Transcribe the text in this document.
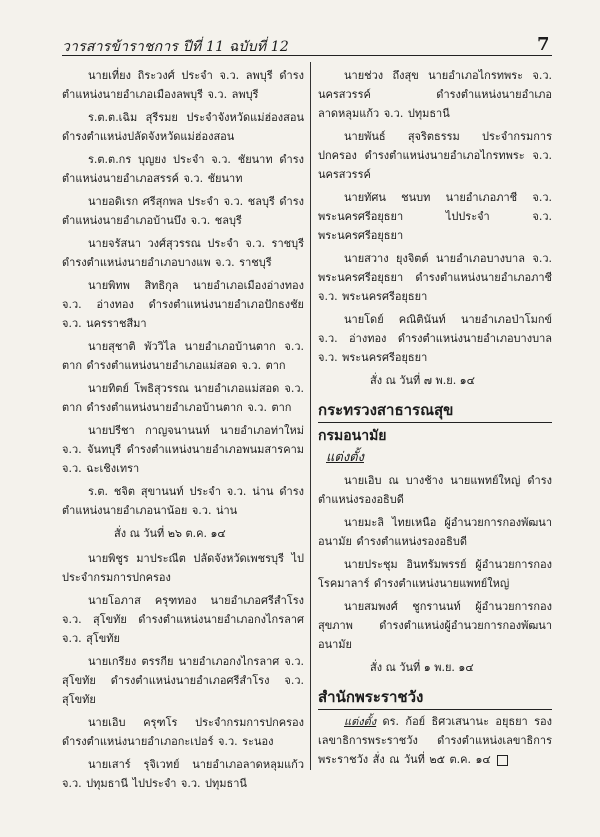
วารสารข้าราชการ ปีที่ 11 ฉบับที่ 12	7

นายเที่ยง ถิระวงศ์ ประจำ จ.ว. ลพบุรี ดำรงตำแหน่งนายอำเภอเมืองลพบุรี จ.ว. ลพบุรี

ร.ต.ต.เฉิม สุรีรมย ประจำจังหวัดแม่ฮ่องสอน ดำรงตำแหน่งปลัดจังหวัดแม่ฮ่องสอน

ร.ต.ต.กร บุญยง ประจำ จ.ว. ชัยนาท ดำรงตำแหน่งนายอำเภอสรรค์ จ.ว. ชัยนาท

นายอดิเรก ศรีสุกพล ประจำ จ.ว. ชลบุรี ดำรงตำแหน่งนายอำเภอบ้านบึง จ.ว. ชลบุรี

นายจรัสนา วงศ์สุวรรณ ประจำ จ.ว. ราชบุรี ดำรงตำแหน่งนายอำเภอบางแพ จ.ว. ราชบุรี

นายพิทพ สิทธิกุล นายอำเภอเมืองอ่างทอง จ.ว. อ่างทอง ดำรงตำแหน่งนายอำเภอปักธงชัย จ.ว. นครราชสีมา

นายสุชาติ พัววิไล นายอำเภอบ้านตาก จ.ว. ตาก ดำรงตำแหน่งนายอำเภอแม่สอด จ.ว. ตาก

นายทิตย์ โพธิสุวรรณ นายอำเภอแม่สอด จ.ว. ตาก ดำรงตำแหน่งนายอำเภอบ้านตาก จ.ว. ตาก

นายปรีชา กาญจนานนท์ นายอำเภอท่าใหม่ จ.ว. จันทบุรี ดำรงตำแหน่งนายอำเภอพนมสารคาม จ.ว. ฉะเชิงเทรา

ร.ต. ชจิต สุขานนท์ ประจำ จ.ว. น่าน ดำรงตำแหน่งนายอำเภอนาน้อย จ.ว. น่าน

สั่ง ณ วันที่ ๒๖ ต.ค. ๑๔

นายพิชูร มาประณีต ปลัดจังหวัดเพชรบุรี ไปประจำกรมการปกครอง

นายโอภาส ครุฑทอง นายอำเภอศรีสำโรง จ.ว. สุโขทัย ดำรงตำแหน่งนายอำเภอกงไกรลาศ จ.ว. สุโขทัย

นายเกรียง ตรรกีย นายอำเภอกงไกรลาศ จ.ว. สุโขทัย ดำรงตำแหน่งนายอำเภอศรีสำโรง จ.ว. สุโขทัย

นายเอิบ ครุฑโร ประจำกรมการปกครอง ดำรงตำแหน่งนายอำเภอกะเปอร์ จ.ว. ระนอง

นายเสาร์ รุจิเวทย์ นายอำเภอลาดหลุมแก้ว จ.ว. ปทุมธานี ไปประจำ จ.ว. ปทุมธานี

นายช่วง ถึงสุข นายอำเภอไกรทพระ จ.ว. นครสวรรค์ ดำรงตำแหน่งนายอำเภอลาดหลุมแก้ว จ.ว. ปทุมธานี

นายพันธ์ สุจริตธรรม ประจำกรมการปกครอง ดำรงตำแหน่งนายอำเภอไกรทพระ จ.ว. นครสวรรค์

นายทัศน ชนบท นายอำเภอภาชี จ.ว. พระนครศรีอยุธยา ไปประจำ จ.ว. พระนครศรีอยุธยา

นายสวาง ยุงจิตต์ นายอำเภอบางบาล จ.ว. พระนครศรีอยุธยา ดำรงตำแหน่งนายอำเภอภาชี จ.ว. พระนครศรีอยุธยา

นายโดย์ คณิตินันท์ นายอำเภอป่าโมกข์ จ.ว. อ่างทอง ดำรงตำแหน่งนายอำเภอบางบาล จ.ว. พระนครศรีอยุธยา

สั่ง ณ วันที่ ๗ พ.ย. ๑๔

กระทรวงสาธารณสุข
กรมอนามัย
แต่งตั้ง

นายเอิบ ณ บางช้าง นายแพทย์ใหญ่ ดำรงตำแหน่งรองอธิบดี

นายมะลิ ไทยเหนือ ผู้อำนวยการกองพัฒนาอนามัย ดำรงตำแหน่งรองอธิบดี

นายประชุม อินทรัมพรรย์ ผู้อำนวยการกองโรคมาลาร์ ดำรงตำแหน่งนายแพทย์ใหญ่

นายสมพงศ์ ชูกรานนท์ ผู้อำนวยการกองสุขภาพ ดำรงตำแหน่งผู้อำนวยการกองพัฒนาอนามัย

สั่ง ณ วันที่ ๑ พ.ย. ๑๔

สำนักพระราชวัง

แต่งตั้ง ดร. ก้อย์ ธิศวเสนานะ อยุธยา รองเลขาธิการพระราชวัง ดำรงตำแหน่งเลขาธิการพระราชวัง สั่ง ณ วันที่ ๒๕ ต.ค. ๑๔
